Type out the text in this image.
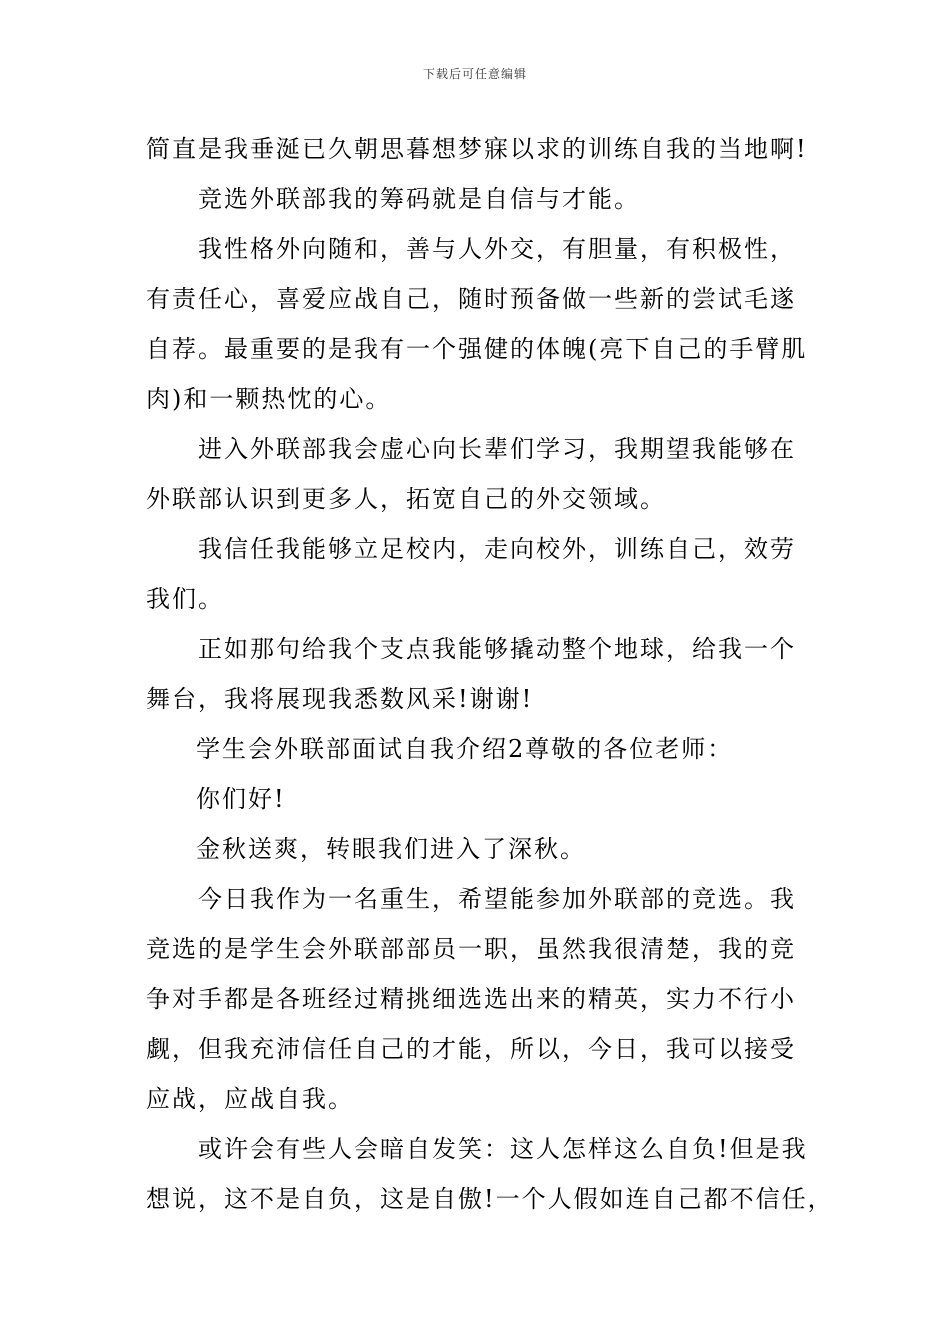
下载后可任意编辑
简直是我垂涎已久朝思暮想梦寐以求的训练自我的当地啊!
竞选外联部我的筹码就是自信与才能。
我性格外向随和，善与人外交，有胆量，有积极性，
有责任心，喜爱应战自己，随时预备做一些新的尝试毛遂
自荐。最重要的是我有一个强健的体魄(亮下自己的手臂肌
肉)和一颗热忱的心。
进入外联部我会虚心向长辈们学习，我期望我能够在
外联部认识到更多人，拓宽自己的外交领域。
我信任我能够立足校内，走向校外，训练自己，效劳
我们。
正如那句给我个支点我能够撬动整个地球，给我一个
舞台，我将展现我悉数风采!谢谢!
学生会外联部面试自我介绍2尊敬的各位老师：
你们好!
金秋送爽，转眼我们进入了深秋。
今日我作为一名重生，希望能参加外联部的竞选。我
竞选的是学生会外联部部员一职，虽然我很清楚，我的竞
争对手都是各班经过精挑细选选出来的精英，实力不行小
觑，但我充沛信任自己的才能，所以，今日，我可以接受
应战，应战自我。
或许会有些人会暗自发笑：这人怎样这么自负!但是我
想说，这不是自负，这是自傲!一个人假如连自己都不信任，
